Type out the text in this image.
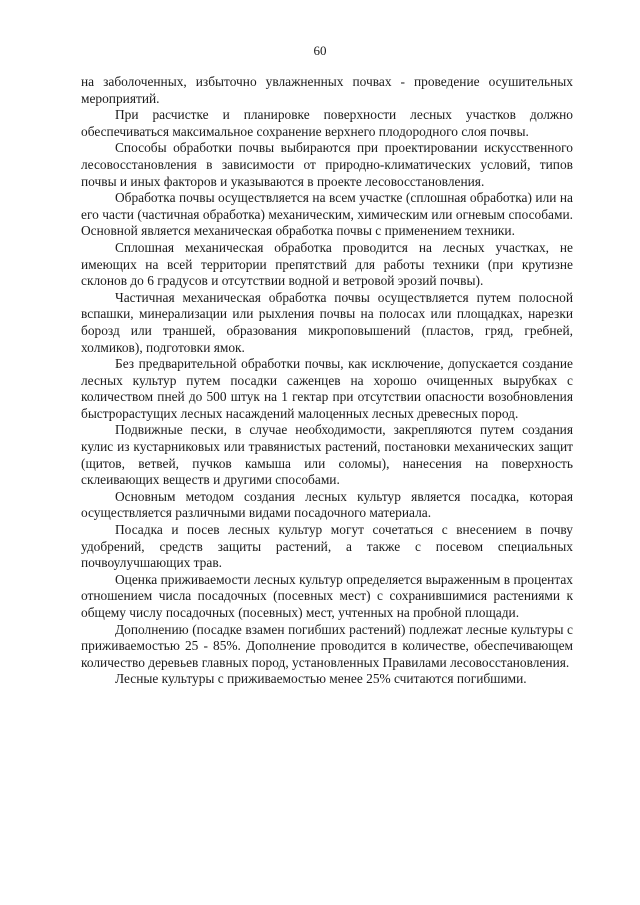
60

на заболоченных, избыточно увлажненных почвах - проведение осушительных мероприятий.

При расчистке и планировке поверхности лесных участков должно обеспечиваться максимальное сохранение верхнего плодородного слоя почвы.

Способы обработки почвы выбираются при проектировании искусственного лесовосстановления в зависимости от природно-климатических условий, типов почвы и иных факторов и указываются в проекте лесовосстановления.

Обработка почвы осуществляется на всем участке (сплошная обработка) или на его части (частичная обработка) механическим, химическим или огневым способами. Основной является механическая обработка почвы с применением техники.

Сплошная механическая обработка проводится на лесных участках, не имеющих на всей территории препятствий для работы техники (при крутизне склонов до 6 градусов и отсутствии водной и ветровой эрозий почвы).

Частичная механическая обработка почвы осуществляется путем полосной вспашки, минерализации или рыхления почвы на полосах или площадках, нарезки борозд или траншей, образования микроповышений (пластов, гряд, гребней, холмиков), подготовки ямок.

Без предварительной обработки почвы, как исключение, допускается создание лесных культур путем посадки саженцев на хорошо очищенных вырубках с количеством пней до 500 штук на 1 гектар при отсутствии опасности возобновления быстрорастущих лесных насаждений малоценных лесных древесных пород.

Подвижные пески, в случае необходимости, закрепляются путем создания кулис из кустарниковых или травянистых растений, постановки механических защит (щитов, ветвей, пучков камыша или соломы), нанесения на поверхность склеивающих веществ и другими способами.

Основным методом создания лесных культур является посадка, которая осуществляется различными видами посадочного материала.

Посадка и посев лесных культур могут сочетаться с внесением в почву удобрений, средств защиты растений, а также с посевом специальных почвоулучшающих трав.

Оценка приживаемости лесных культур определяется выраженным в процентах отношением числа посадочных (посевных мест) с сохранившимися растениями к общему числу посадочных (посевных) мест, учтенных на пробной площади.

Дополнению (посадке взамен погибших растений) подлежат лесные культуры с приживаемостью 25 - 85%. Дополнение проводится в количестве, обеспечивающем количество деревьев главных пород, установленных Правилами лесовосстановления.

Лесные культуры с приживаемостью менее 25% считаются погибшими.
